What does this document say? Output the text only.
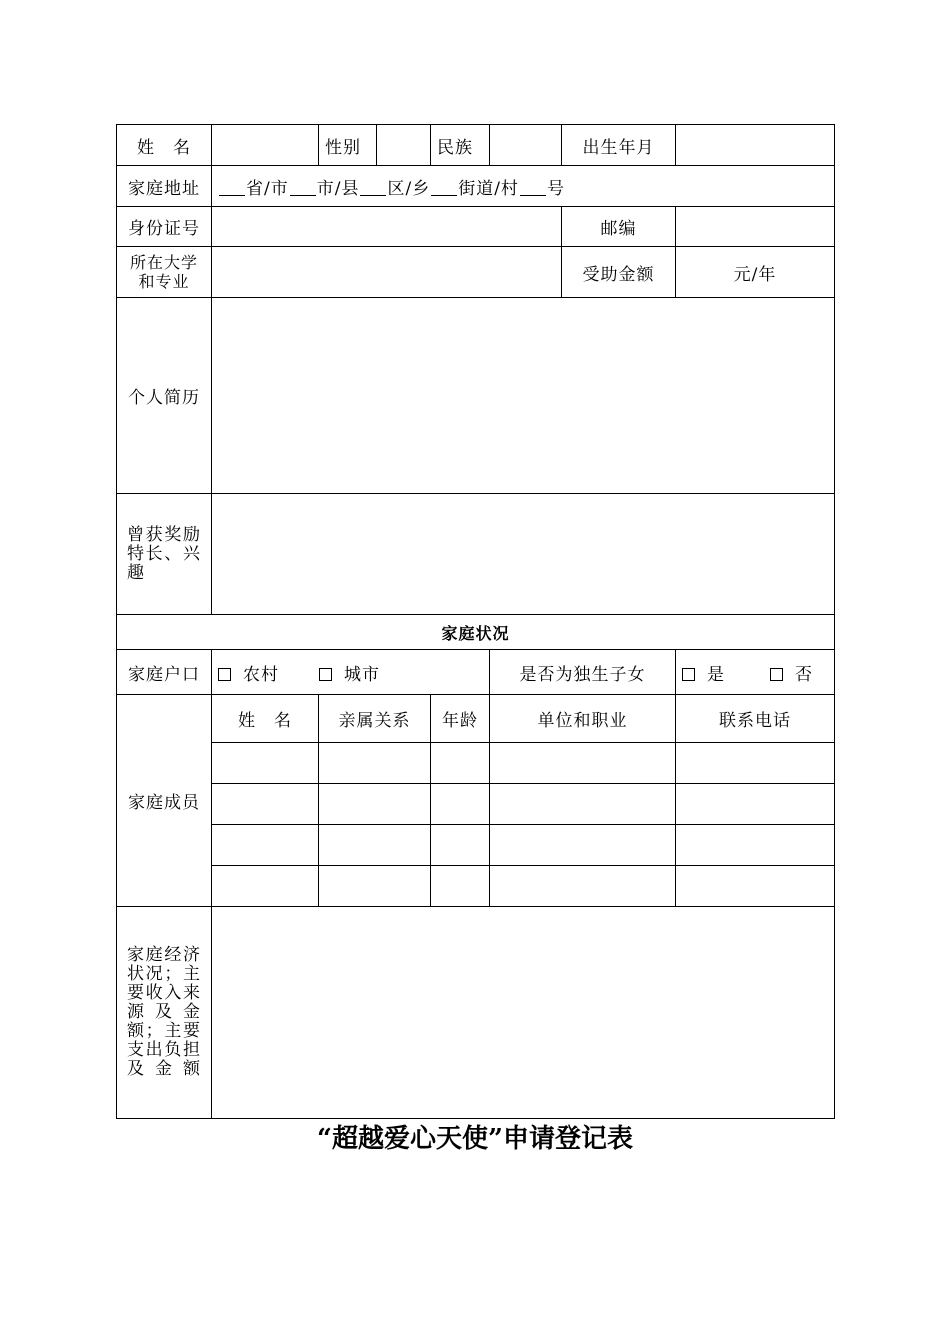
姓　名		性别		民族		出生年月	
家庭地址	省/市 市/县 区/乡 街道/村 号						
身份证号						邮编	
所在大学和专业						受助金额	元/年
个人简历							
曾获奖励特长、兴趣							
家庭状况							
家庭户口	农村 城市				是否为独生子女		是 否
家庭成员	姓　名	亲属关系		年龄	单位和职业		联系电话

家庭经济状况；主要收入来源及金额；主要支出负担及金额							
“超越爱心天使”申请登记表
